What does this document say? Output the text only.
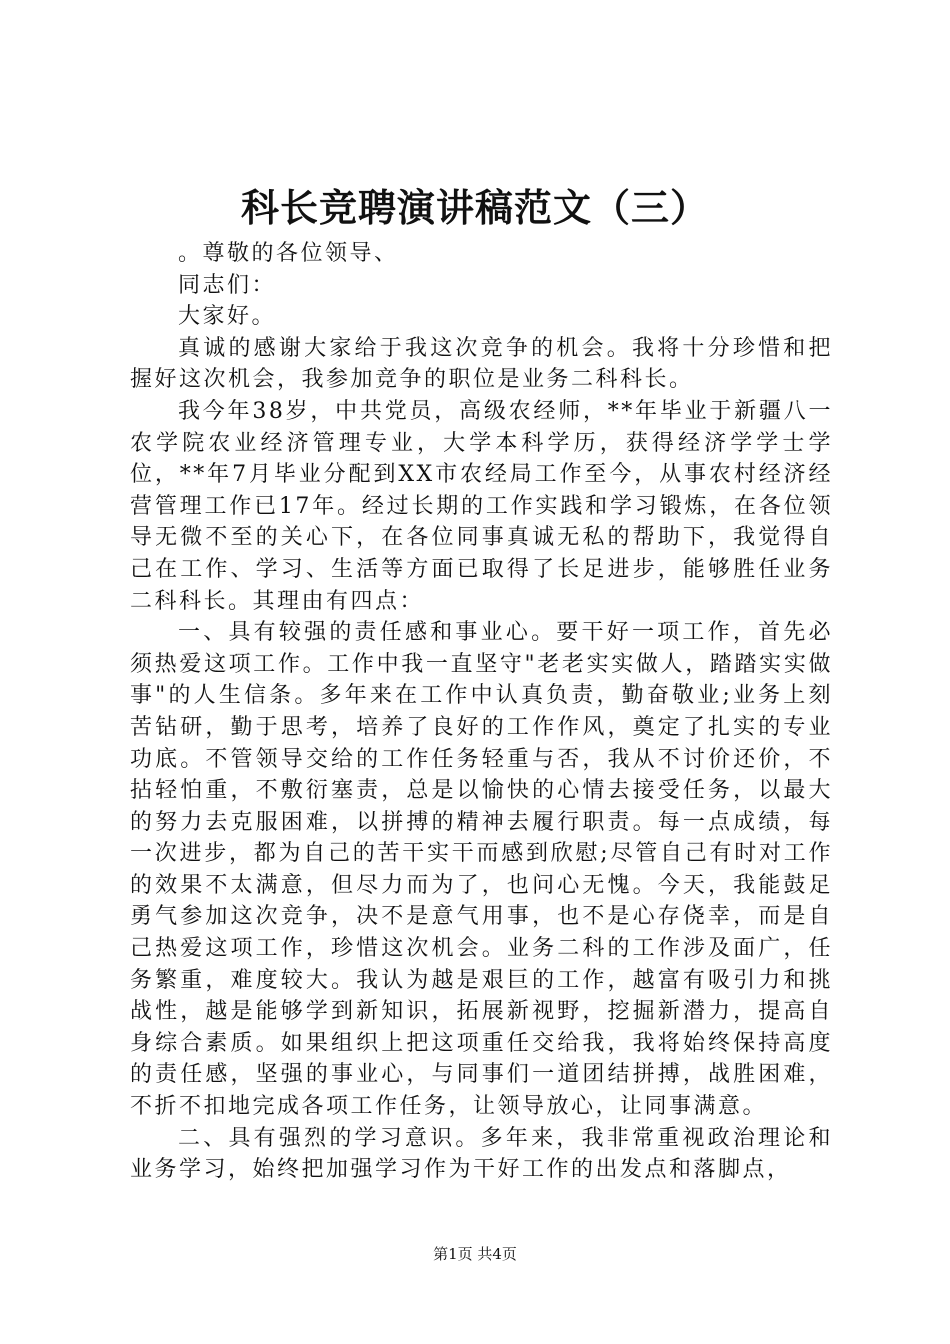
科长竞聘演讲稿范文（三）

。尊敬的各位领导、

同志们：

大家好。

真诚的感谢大家给于我这次竞争的机会。我将十分珍惜和把握好这次机会，我参加竞争的职位是业务二科科长。

我今年38岁，中共党员，高级农经师，**年毕业于新疆八一农学院农业经济管理专业，大学本科学历，获得经济学学士学位，**年7月毕业分配到XX市农经局工作至今，从事农村经济经营管理工作已17年。经过长期的工作实践和学习锻炼，在各位领导无微不至的关心下，在各位同事真诚无私的帮助下，我觉得自己在工作、学习、生活等方面已取得了长足进步，能够胜任业务二科科长。其理由有四点：

一、具有较强的责任感和事业心。要干好一项工作，首先必须热爱这项工作。工作中我一直坚守"老老实实做人，踏踏实实做事"的人生信条。多年来在工作中认真负责，勤奋敬业;业务上刻苦钻研，勤于思考，培养了良好的工作作风，奠定了扎实的专业功底。不管领导交给的工作任务轻重与否，我从不讨价还价，不拈轻怕重，不敷衍塞责，总是以愉快的心情去接受任务，以最大的努力去克服困难，以拼搏的精神去履行职责。每一点成绩，每一次进步，都为自己的苦干实干而感到欣慰;尽管自己有时对工作的效果不太满意，但尽力而为了，也问心无愧。今天，我能鼓足勇气参加这次竞争，决不是意气用事，也不是心存侥幸，而是自己热爱这项工作，珍惜这次机会。业务二科的工作涉及面广，任务繁重，难度较大。我认为越是艰巨的工作，越富有吸引力和挑战性，越是能够学到新知识，拓展新视野，挖掘新潜力，提高自身综合素质。如果组织上把这项重任交给我，我将始终保持高度的责任感，坚强的事业心，与同事们一道团结拼搏，战胜困难，不折不扣地完成各项工作任务，让领导放心，让同事满意。

二、具有强烈的学习意识。多年来，我非常重视政治理论和业务学习，始终把加强学习作为干好工作的出发点和落脚点，

第1页 共4页
